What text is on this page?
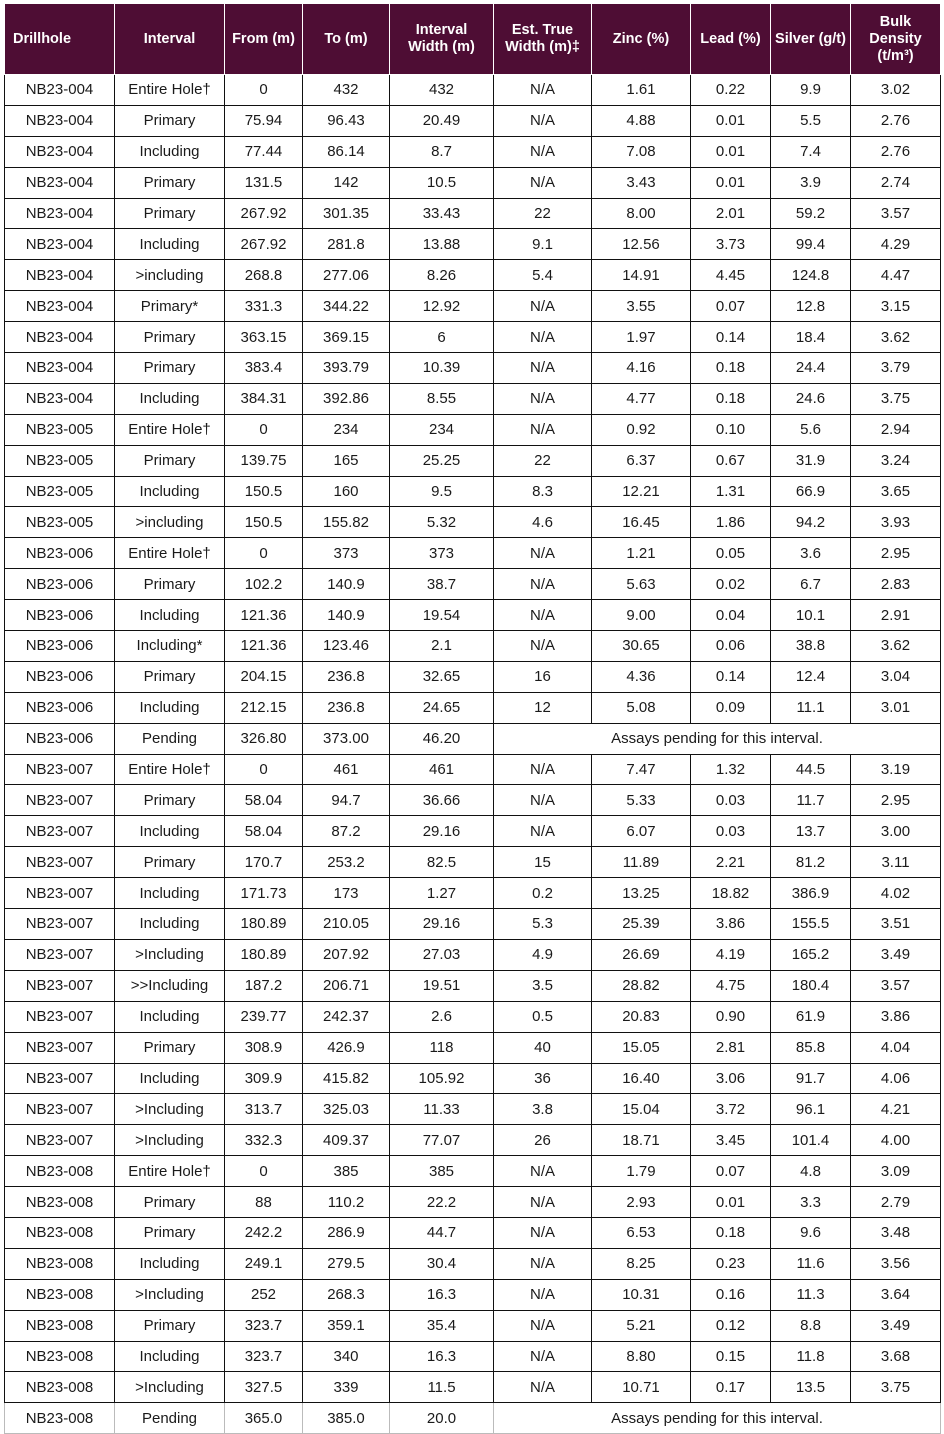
Drillhole	Interval	From (m)	To (m)	Interval Width (m)	Est. True Width (m)‡	Zinc (%)	Lead (%)	Silver (g/t)	Bulk Density (t/m³)
NB23-004	Entire Hole†	0	432	432	N/A	1.61	0.22	9.9	3.02
NB23-004	Primary	75.94	96.43	20.49	N/A	4.88	0.01	5.5	2.76
NB23-004	Including	77.44	86.14	8.7	N/A	7.08	0.01	7.4	2.76
NB23-004	Primary	131.5	142	10.5	N/A	3.43	0.01	3.9	2.74
NB23-004	Primary	267.92	301.35	33.43	22	8.00	2.01	59.2	3.57
NB23-004	Including	267.92	281.8	13.88	9.1	12.56	3.73	99.4	4.29
NB23-004	>including	268.8	277.06	8.26	5.4	14.91	4.45	124.8	4.47
NB23-004	Primary*	331.3	344.22	12.92	N/A	3.55	0.07	12.8	3.15
NB23-004	Primary	363.15	369.15	6	N/A	1.97	0.14	18.4	3.62
NB23-004	Primary	383.4	393.79	10.39	N/A	4.16	0.18	24.4	3.79
NB23-004	Including	384.31	392.86	8.55	N/A	4.77	0.18	24.6	3.75
NB23-005	Entire Hole†	0	234	234	N/A	0.92	0.10	5.6	2.94
NB23-005	Primary	139.75	165	25.25	22	6.37	0.67	31.9	3.24
NB23-005	Including	150.5	160	9.5	8.3	12.21	1.31	66.9	3.65
NB23-005	>including	150.5	155.82	5.32	4.6	16.45	1.86	94.2	3.93
NB23-006	Entire Hole†	0	373	373	N/A	1.21	0.05	3.6	2.95
NB23-006	Primary	102.2	140.9	38.7	N/A	5.63	0.02	6.7	2.83
NB23-006	Including	121.36	140.9	19.54	N/A	9.00	0.04	10.1	2.91
NB23-006	Including*	121.36	123.46	2.1	N/A	30.65	0.06	38.8	3.62
NB23-006	Primary	204.15	236.8	32.65	16	4.36	0.14	12.4	3.04
NB23-006	Including	212.15	236.8	24.65	12	5.08	0.09	11.1	3.01
NB23-006	Pending	326.80	373.00	46.20	Assays pending for this interval.				
NB23-007	Entire Hole†	0	461	461	N/A	7.47	1.32	44.5	3.19
NB23-007	Primary	58.04	94.7	36.66	N/A	5.33	0.03	11.7	2.95
NB23-007	Including	58.04	87.2	29.16	N/A	6.07	0.03	13.7	3.00
NB23-007	Primary	170.7	253.2	82.5	15	11.89	2.21	81.2	3.11
NB23-007	Including	171.73	173	1.27	0.2	13.25	18.82	386.9	4.02
NB23-007	Including	180.89	210.05	29.16	5.3	25.39	3.86	155.5	3.51
NB23-007	>Including	180.89	207.92	27.03	4.9	26.69	4.19	165.2	3.49
NB23-007	>>Including	187.2	206.71	19.51	3.5	28.82	4.75	180.4	3.57
NB23-007	Including	239.77	242.37	2.6	0.5	20.83	0.90	61.9	3.86
NB23-007	Primary	308.9	426.9	118	40	15.05	2.81	85.8	4.04
NB23-007	Including	309.9	415.82	105.92	36	16.40	3.06	91.7	4.06
NB23-007	>Including	313.7	325.03	11.33	3.8	15.04	3.72	96.1	4.21
NB23-007	>Including	332.3	409.37	77.07	26	18.71	3.45	101.4	4.00
NB23-008	Entire Hole†	0	385	385	N/A	1.79	0.07	4.8	3.09
NB23-008	Primary	88	110.2	22.2	N/A	2.93	0.01	3.3	2.79
NB23-008	Primary	242.2	286.9	44.7	N/A	6.53	0.18	9.6	3.48
NB23-008	Including	249.1	279.5	30.4	N/A	8.25	0.23	11.6	3.56
NB23-008	>Including	252	268.3	16.3	N/A	10.31	0.16	11.3	3.64
NB23-008	Primary	323.7	359.1	35.4	N/A	5.21	0.12	8.8	3.49
NB23-008	Including	323.7	340	16.3	N/A	8.80	0.15	11.8	3.68
NB23-008	>Including	327.5	339	11.5	N/A	10.71	0.17	13.5	3.75
NB23-008	Pending	365.0	385.0	20.0	Assays pending for this interval.				
